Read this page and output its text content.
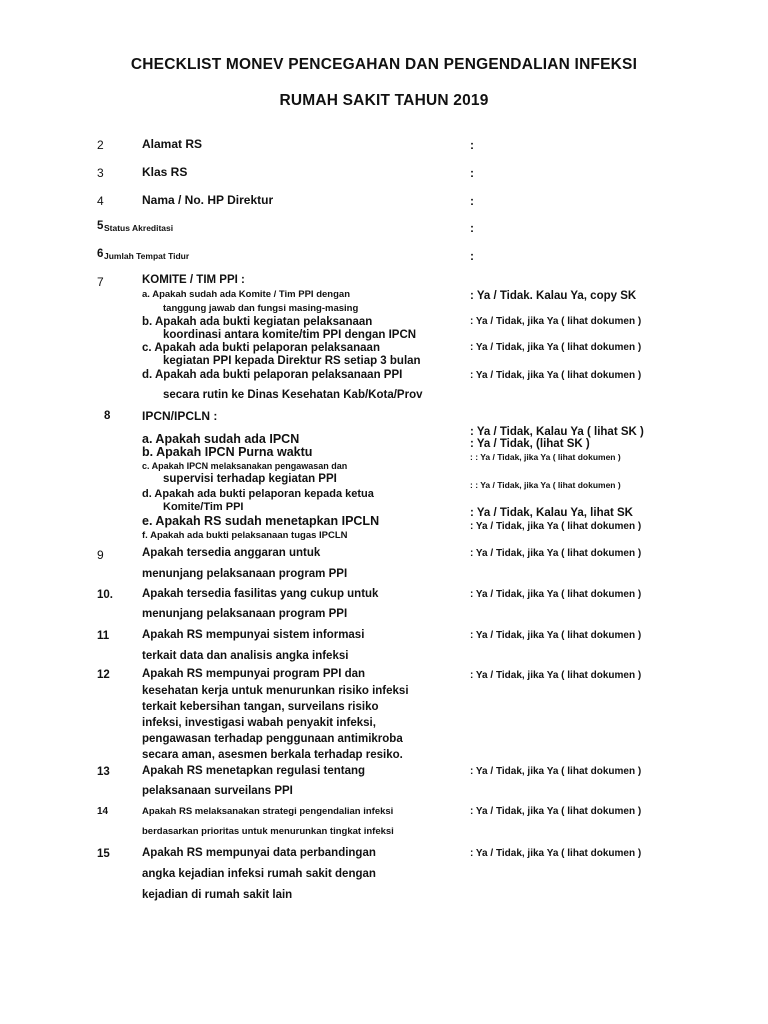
CHECKLIST MONEV PENCEGAHAN DAN PENGENDALIAN INFEKSI
RUMAH SAKIT TAHUN 2019
2	Alamat RS	:
3	Klas RS	:
4	Nama / No. HP Direktur	:
5 Status Akreditasi	:
6 Jumlah Tempat Tidur	:
7	KOMITE / TIM PPI :
a. Apakah sudah ada Komite / Tim PPI dengan
tanggung jawab dan fungsi masing-masing
: Ya / Tidak. Kalau Ya, copy SK
b. Apakah ada bukti kegiatan pelaksanaan
koordinasi antara komite/tim PPI dengan IPCN
: Ya / Tidak, jika Ya ( lihat dokumen )
c. Apakah ada bukti pelaporan pelaksanaan
kegiatan PPI kepada Direktur RS setiap 3 bulan
: Ya / Tidak, jika Ya ( lihat dokumen )
d. Apakah ada bukti pelaporan pelaksanaan PPI
secara rutin ke Dinas Kesehatan Kab/Kota/Prov
: Ya / Tidak, jika Ya ( lihat dokumen )
8	IPCN/IPCLN :
a. Apakah sudah ada IPCN	: Ya / Tidak, Kalau Ya ( lihat SK )
b. Apakah IPCN Purna waktu
: Ya / Tidak, (lihat SK )
c. Apakah IPCN melaksanakan pengawasan dan
supervisi terhadap kegiatan PPI
: : Ya / Tidak, jika Ya ( lihat dokumen )
d. Apakah ada bukti pelaporan kepada ketua
Komite/Tim PPI
: : Ya / Tidak, jika Ya ( lihat dokumen )
e. Apakah RS sudah menetapkan IPCLN
: Ya / Tidak, Kalau Ya, lihat SK
f. Apakah ada bukti pelaksanaan tugas IPCLN
: Ya / Tidak, jika Ya ( lihat dokumen )
9	Apakah tersedia anggaran untuk
menunjang pelaksanaan program PPI
: Ya / Tidak, jika Ya ( lihat dokumen )
10.	Apakah tersedia fasilitas yang cukup untuk
menunjang pelaksanaan program PPI
: Ya / Tidak, jika Ya ( lihat dokumen )
11	Apakah RS mempunyai sistem informasi
terkait data dan analisis angka infeksi
: Ya / Tidak, jika Ya ( lihat dokumen )
12	Apakah RS mempunyai program PPI dan
kesehatan kerja untuk menurunkan risiko infeksi
terkait kebersihan tangan, surveilans risiko
infeksi, investigasi wabah penyakit infeksi,
pengawasan terhadap penggunaan antimikroba
secara aman, asesmen berkala terhadap resiko.
: Ya / Tidak, jika Ya ( lihat dokumen )
13	Apakah RS menetapkan regulasi tentang
pelaksanaan surveilans PPI
: Ya / Tidak, jika Ya ( lihat dokumen )
14	Apakah RS melaksanakan strategi pengendalian infeksi
berdasarkan prioritas untuk menurunkan tingkat infeksi
: Ya / Tidak, jika Ya ( lihat dokumen )
15	Apakah RS mempunyai data perbandingan
angka kejadian infeksi rumah sakit dengan
kejadian di rumah sakit lain
: Ya / Tidak, jika Ya ( lihat dokumen )
